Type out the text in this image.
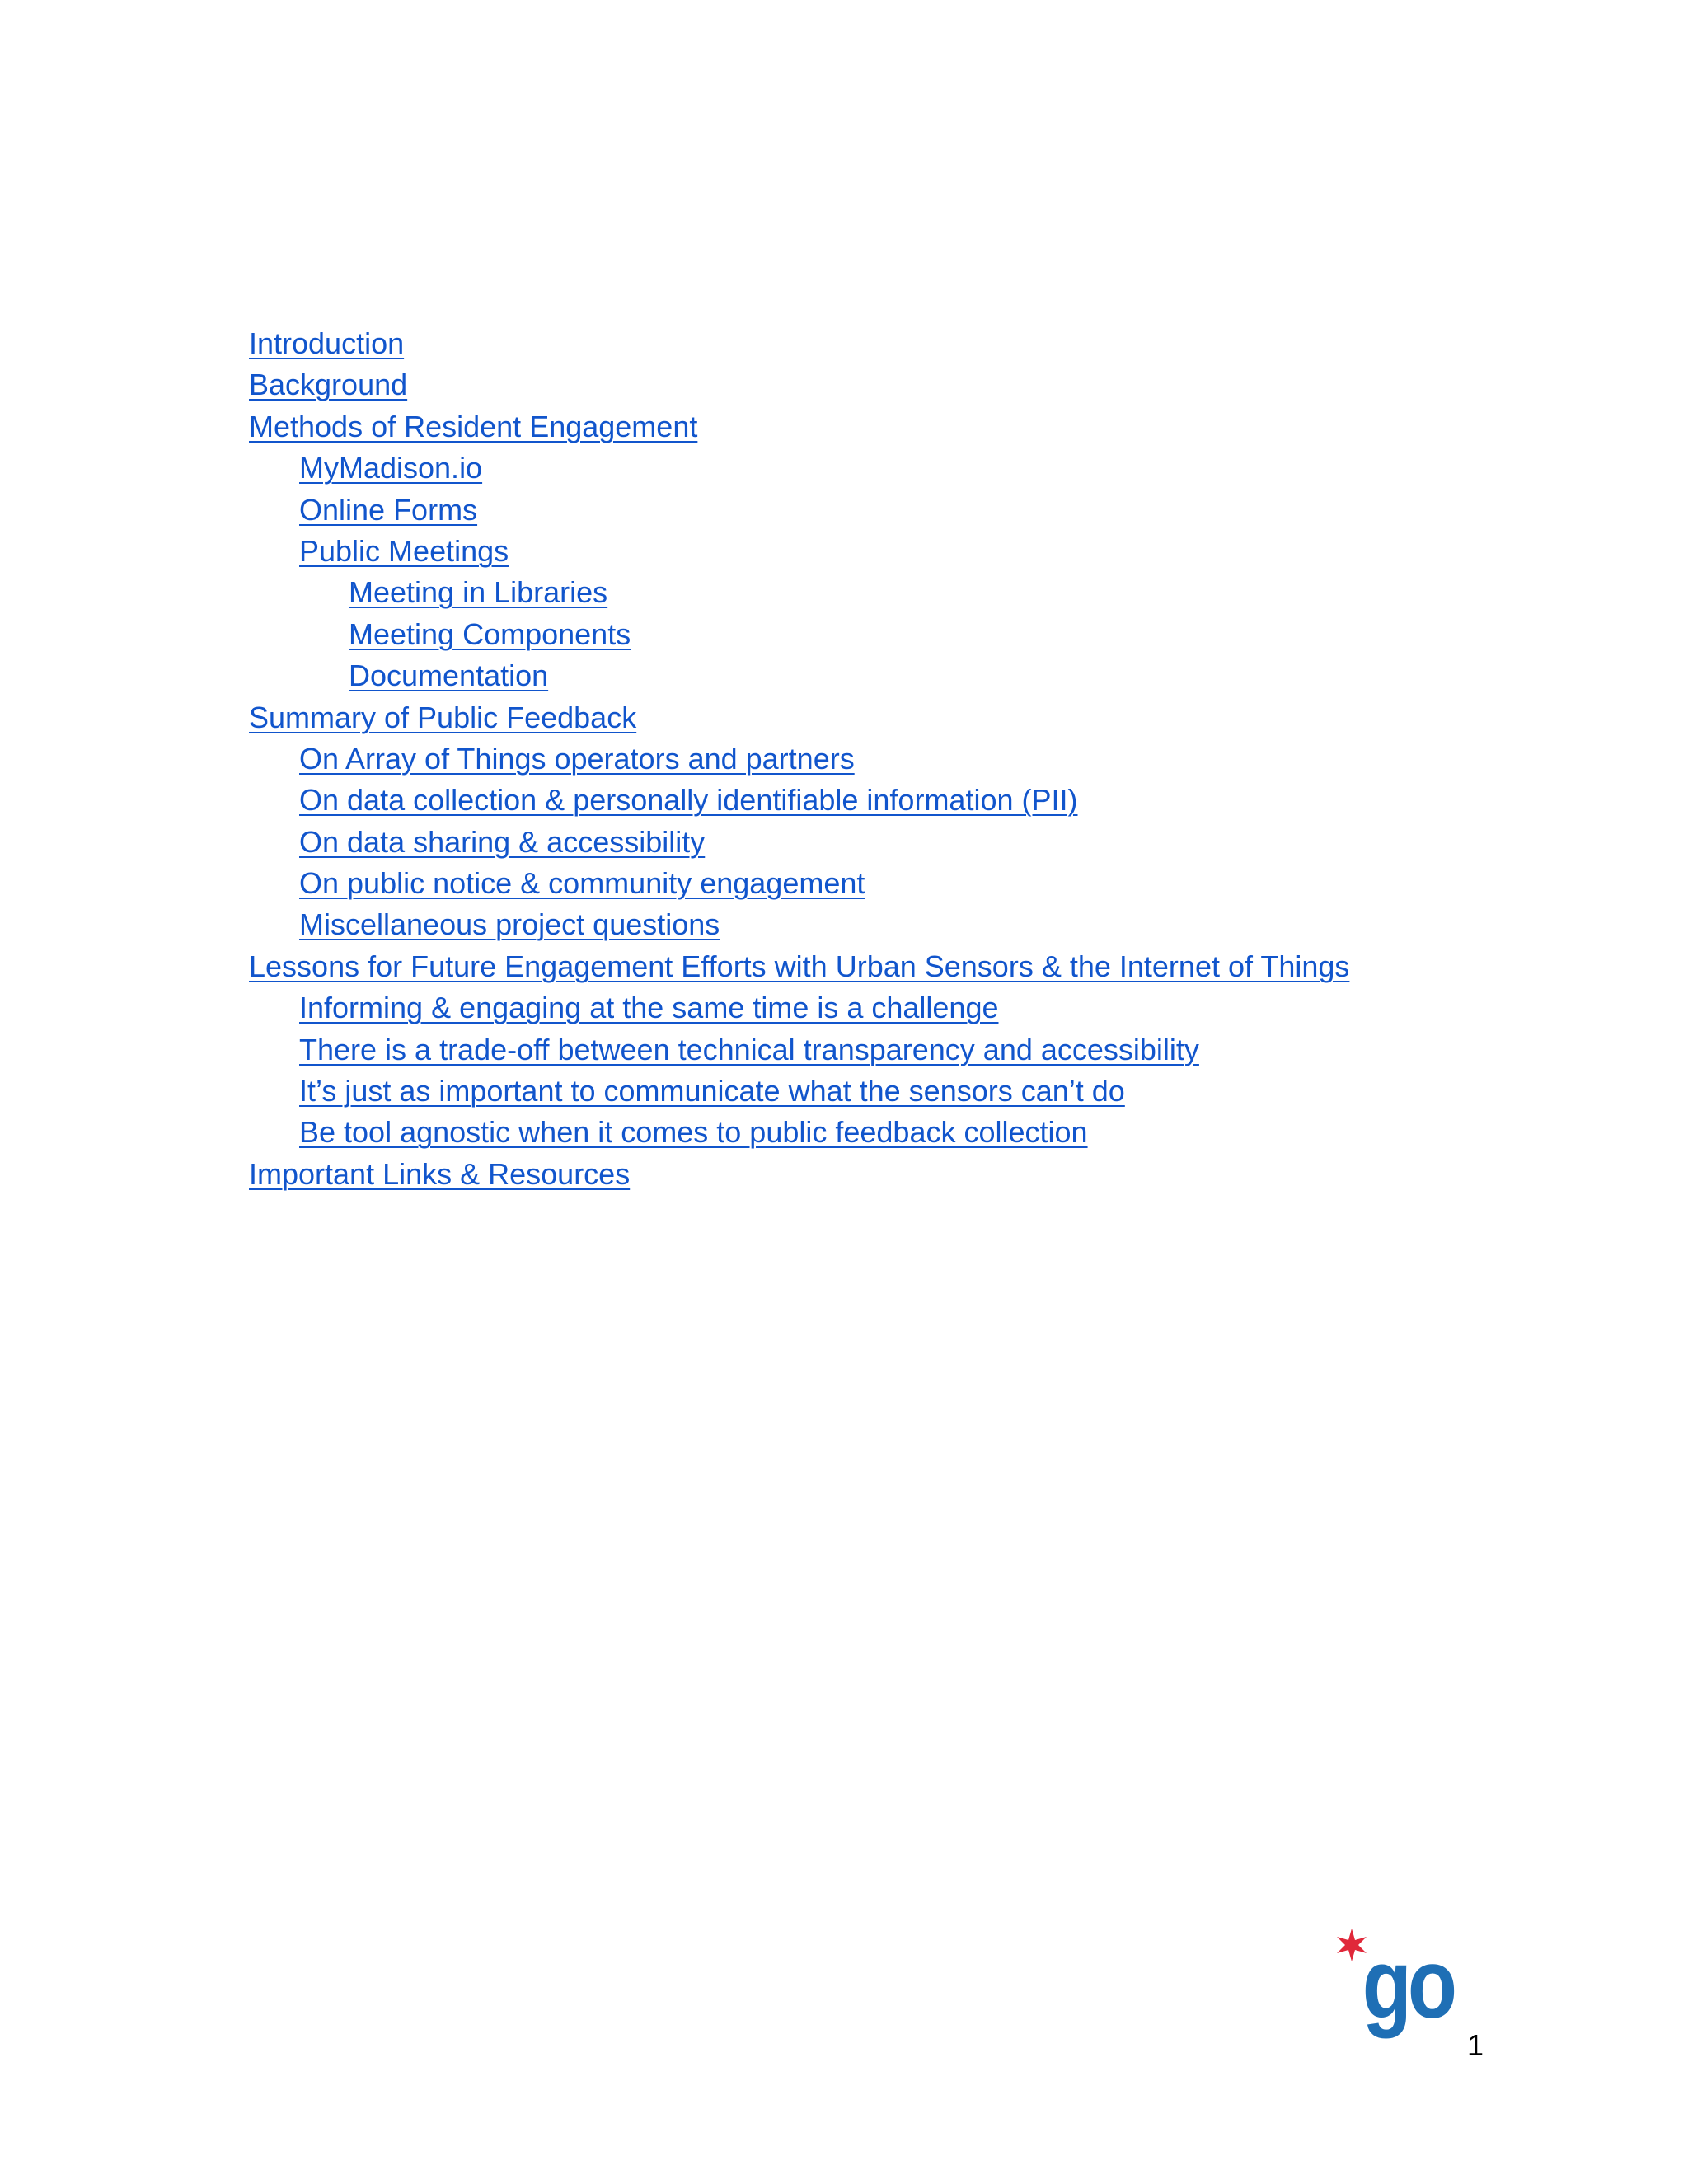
Introduction
Background
Methods of Resident Engagement
MyMadison.io
Online Forms
Public Meetings
Meeting in Libraries
Meeting Components
Documentation
Summary of Public Feedback
On Array of Things operators and partners
On data collection & personally identifiable information (PII)
On data sharing & accessibility
On public notice & community engagement
Miscellaneous project questions
Lessons for Future Engagement Efforts with Urban Sensors & the Internet of Things
Informing & engaging at the same time is a challenge
There is a trade-off between technical transparency and accessibility
It’s just as important to communicate what the sensors can’t do
Be tool agnostic when it comes to public feedback collection
Important Links & Resources
go
1
